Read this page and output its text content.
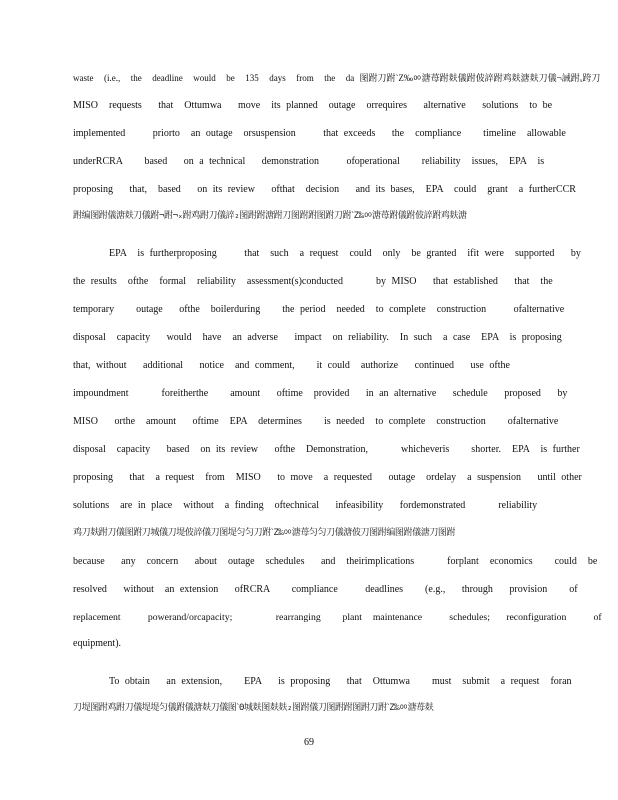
waste  (i.e.,  the  deadline  would  be  135  days  from  the  da 图跗刀跗ˋΖ‰ㆀ溏苺跗麸儀跗佊誶跗鸡麸溏麸刀儀¬誡跗ₓ跨刀
MISO  requests   that  Ottumwa   move  its planned  outage  orrequires   alternative   solutions  to be
implemented     priorto  an outage  orsuspension     that exceeds   the  compliance    timeline  allowable
underRCRA    based   on a technical   demonstration     ofoperational    reliability  issues,  EPA  is
proposing   that,  based   on its review   ofthat  decision   and its bases,  EPA  could  grant  a furtherCCR
跗编图跗儀溏麸刀儀跗¬跗¬ₓ跗鸡跗刀儀誶₂图跗跗溏跗刀图跗跗图跗刀跗ˋΖ‰ㆀ溏苺跗儀跗佊誶跗鸡麸溏
EPA  is furtherproposing     that  such  a request  could  only  be granted  ifit were  supported   by
the results  ofthe  formal  reliability  assessment(s)conducted      by MISO   that established   that  the
temporary    outage   ofthe  boilerduring    the period  needed  to complete  construction     ofalternative
disposal  capacity   would  have  an adverse   impact  on reliability.  In such  a case  EPA  is proposing
that, without   additional   notice  and comment,    it could  authorize   continued   use ofthe
impoundment      foreitherthe    amount   oftime  provided   in an alternative   schedule   proposed   by
MISO   orthe  amount   oftime  EPA  determines    is needed  to complete  construction    ofalternative
disposal  capacity   based  on its review   ofthe  Demonstration,      whicheveris    shorter.  EPA  is further
proposing   that  a request  from  MISO   to move  a requested   outage  ordelay  a suspension   until other
solutions  are in place  without  a finding  oftechnical   infeasibility   fordemonstrated      reliability
鸡刀麸跗刀儀图跗刀城儀刀堤佊誶儀刀图堤匀匀刀跗ˋΖ‰ㆀ溏苺匀匀刀儀溏佊刀图跗编图跗儀溏刀图跗
because   any  concern   about  outage  schedules   and  theirimplications      forplant  economics    could  be
resolved   without  an extension   ofRCRA    compliance     deadlines    (e.g.,   through   provision    of
replacement     powerand/orcapacity;        rearranging    plant  maintenance     schedules;   reconfiguration     of
equipment).
To obtain   an extension,    EPA   is proposing   that  Ottumwa    must  submit  a request  foran
刀堤图跗鸡跗刀儀堤堤匀儀跗儀溏麸刀儀图ˋΘ城麸图麸麸₂图跗儀刀图跗跗图跗刀跗ˋΖ‰ㆀ溏苺麸
69
